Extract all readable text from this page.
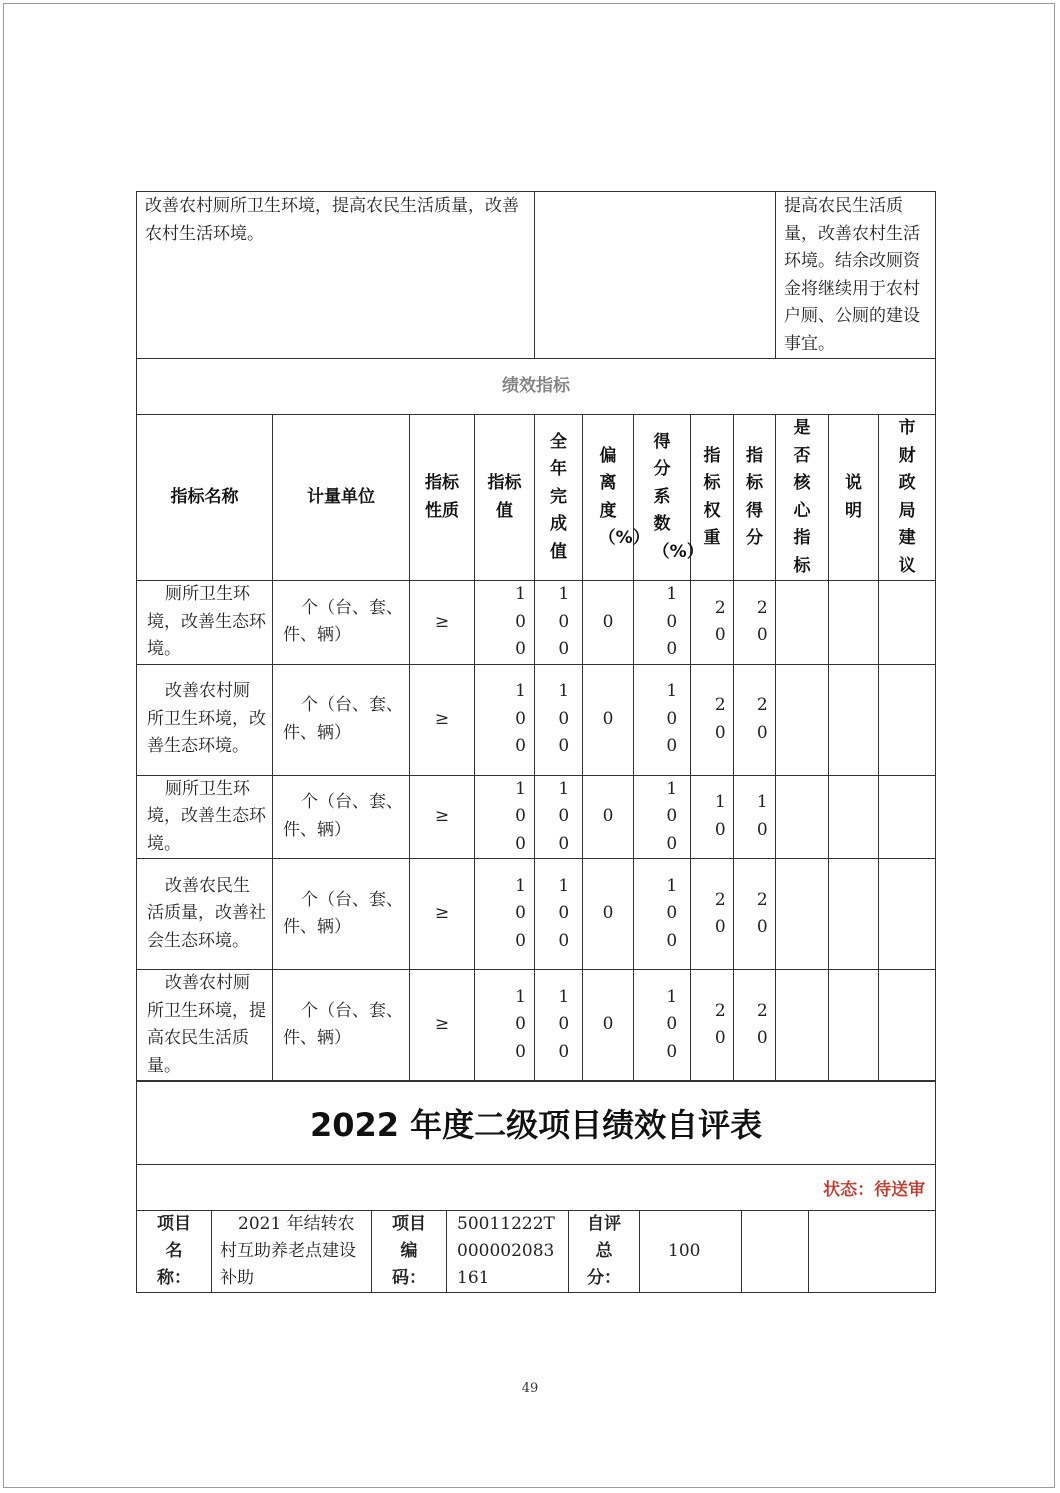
改善农村厕所卫生环境，提高农民生活质量，改善农村生活环境。									提高农民生活质量，改善农村生活环境。结余改厕资金将继续用于农村户厕、公厕的建设事宜。		

绩效指标											
指标名称	计量单位	指标性质	指标值	全年完成值	偏离度（%）	得分系数（%）	指标权重	指标得分	是否核心指标	说明	市财政局建议

厕所卫生环境，改善生态环境。	个（台、套、件、辆）	≥	100	100	0	100	20	20			

改善农村厕所卫生环境，改善生态环境。	个（台、套、件、辆）	≥	100	100	0	100	20	20			

厕所卫生环境，改善生态环境。	个（台、套、件、辆）	≥	100	100	0	100	10	10			

改善农民生活质量，改善社会生态环境。	个（台、套、件、辆）	≥	100	100	0	100	20	20			

改善农村厕所卫生环境，提高农民生活质量。	个（台、套、件、辆）	≥	100	100	0	100	20	20			

2022 年度二级项目绩效自评表
状态：待送审

项目名称：
	2021 年结转农村互助养老点建设补助	
项目编码：

50011222T000002083161

自评总分：
	100		
49
